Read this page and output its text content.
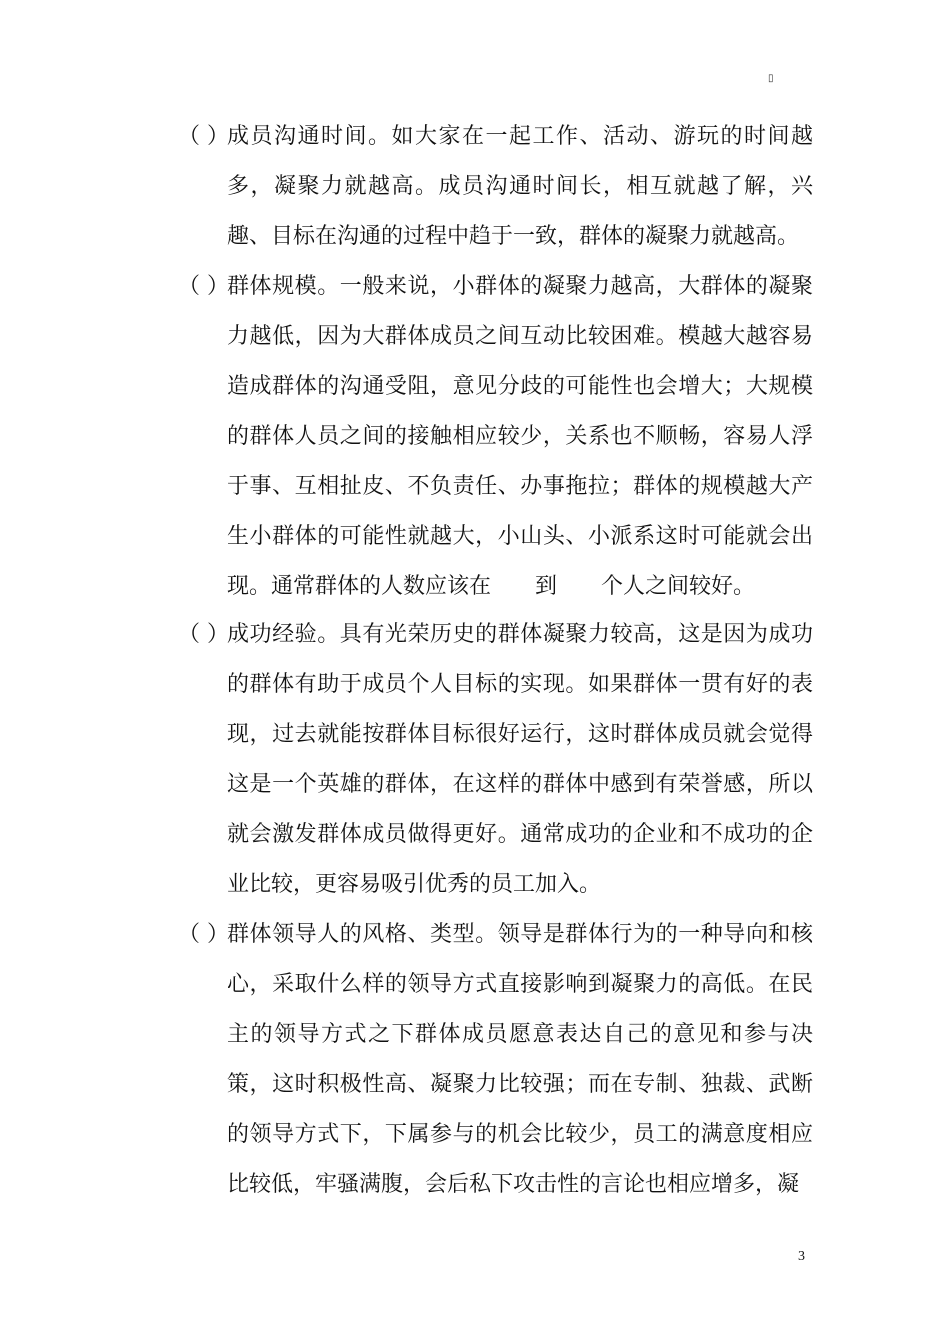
▯
（ ）
成员沟通时间。如大家在一起工作、活动、游玩的时间越多，凝聚力就越高。成员沟通时间长，相互就越了解，兴趣、目标在沟通的过程中趋于一致，群体的凝聚力就越高。
（ ）
群体规模。一般来说，小群体的凝聚力越高，大群体的凝聚力越低，因为大群体成员之间互动比较困难。模越大越容易造成群体的沟通受阻，意见分歧的可能性也会增大；大规模的群体人员之间的接触相应较少，关系也不顺畅，容易人浮于事、互相扯皮、不负责任、办事拖拉；群体的规模越大产生小群体的可能性就越大，小山头、小派系这时可能就会出现。通常群体的人数应该在　　到　　个人之间较好。
（ ）
成功经验。具有光荣历史的群体凝聚力较高，这是因为成功的群体有助于成员个人目标的实现。如果群体一贯有好的表现，过去就能按群体目标很好运行，这时群体成员就会觉得这是一个英雄的群体，在这样的群体中感到有荣誉感，所以就会激发群体成员做得更好。通常成功的企业和不成功的企业比较，更容易吸引优秀的员工加入。
（ ）
群体领导人的风格、类型。领导是群体行为的一种导向和核心，采取什么样的领导方式直接影响到凝聚力的高低。在民主的领导方式之下群体成员愿意表达自己的意见和参与决策，这时积极性高、凝聚力比较强；而在专制、独裁、武断的领导方式下，下属参与的机会比较少，员工的满意度相应比较低，牢骚满腹，会后私下攻击性的言论也相应增多，凝
3
